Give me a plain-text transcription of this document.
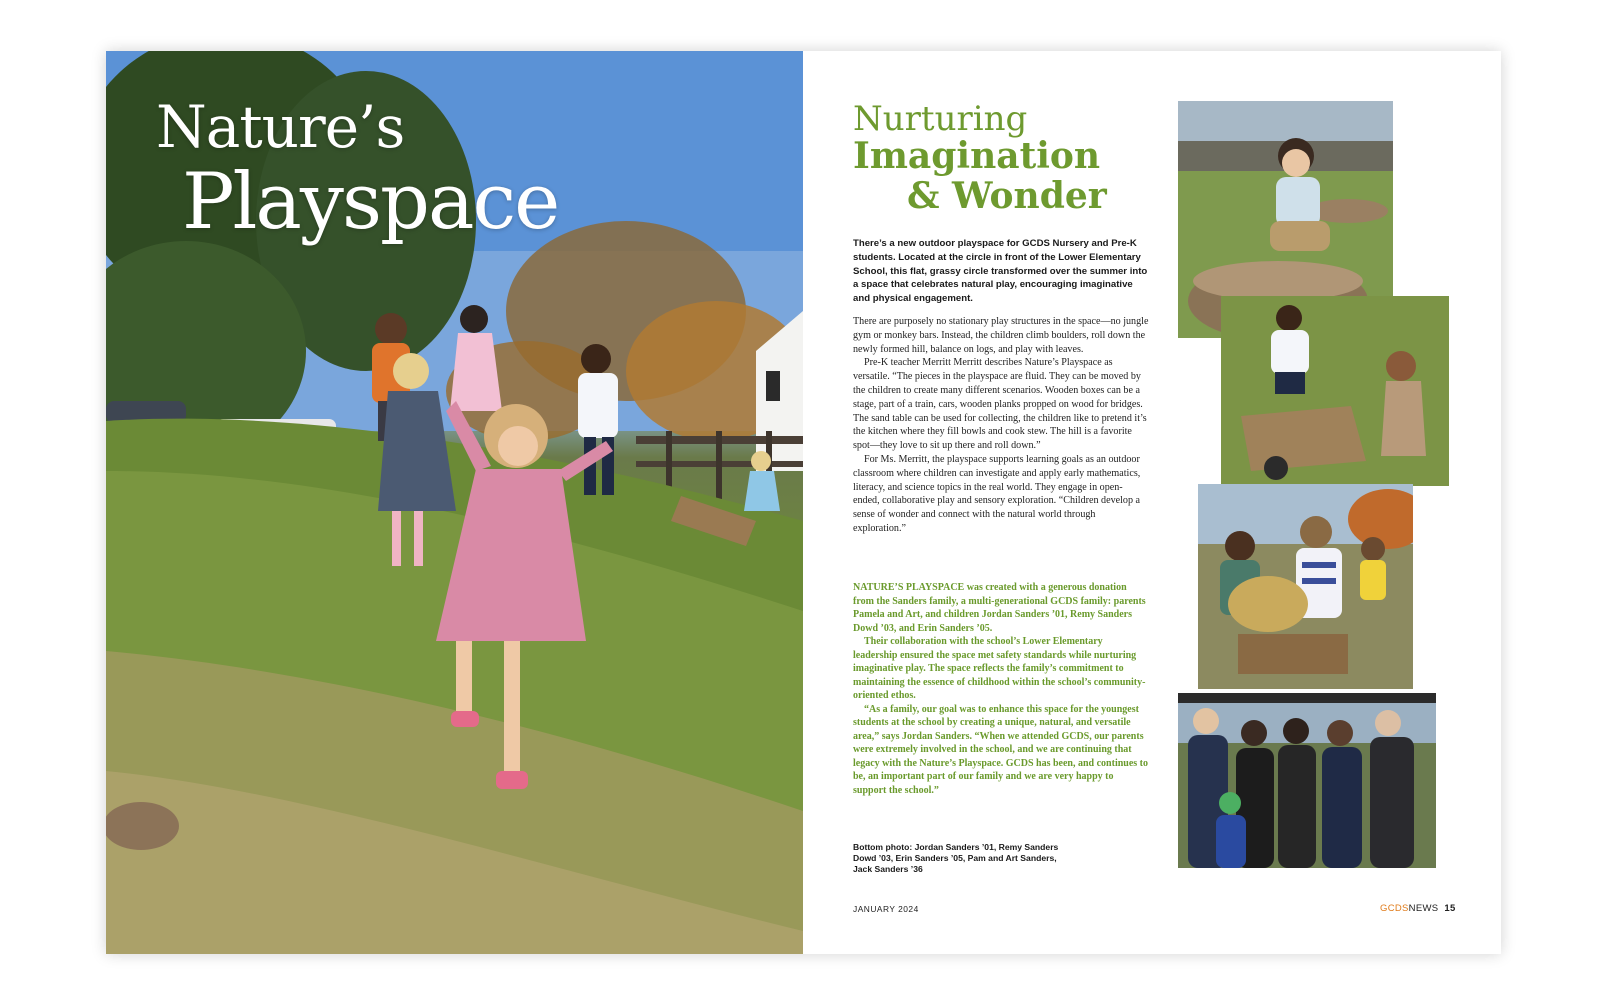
Nature’s
Playspace
Nurturing
Imagination
& Wonder
There’s a new outdoor playspace for GCDS Nursery and Pre-K students. Located at the circle in front of the Lower Elementary School, this flat, grassy circle transformed over the summer into a space that celebrates natural play, encouraging imaginative and physical engagement.

There are purposely no stationary play structures in the space—no jungle gym or monkey bars. Instead, the children climb boulders, roll down the newly formed hill, balance on logs, and play with leaves.

Pre-K teacher Merritt Merritt describes Nature’s Playspace as versatile. “The pieces in the playspace are fluid. They can be moved by the children to create many different scenarios. Wooden boxes can be a stage, part of a train, cars, wooden planks propped on wood for bridges. The sand table can be used for collecting, the children like to pretend it’s the kitchen where they fill bowls and cook stew. The hill is a favorite spot—they love to sit up there and roll down.”

For Ms. Merritt, the playspace supports learning goals as an outdoor classroom where children can investigate and apply early mathematics, literacy, and science topics in the real world. They engage in open-ended, collaborative play and sensory exploration. “Children develop a sense of wonder and connect with the natural world through exploration.”

NATURE’S PLAYSPACE was created with a generous donation from the Sanders family, a multi-generational GCDS family: parents Pamela and Art, and children Jordan Sanders ’01, Remy Sanders Dowd ’03, and Erin Sanders ’05.

Their collaboration with the school’s Lower Elementary leadership ensured the space met safety standards while nurturing imaginative play. The space reflects the family’s commitment to maintaining the essence of childhood within the school’s community-oriented ethos.

“As a family, our goal was to enhance this space for the youngest students at the school by creating a unique, natural, and versatile area,” says Jordan Sanders. “When we attended GCDS, our parents were extremely involved in the school, and we are continuing that legacy with the Nature’s Playspace. GCDS has been, and continues to be, an important part of our family and we are very happy to support the school.”

Bottom photo: Jordan Sanders ’01, Remy Sanders Dowd ’03, Erin Sanders ’05, Pam and Art Sanders, Jack Sanders ’36
JANUARY 2024	GCDSNEWS 15
